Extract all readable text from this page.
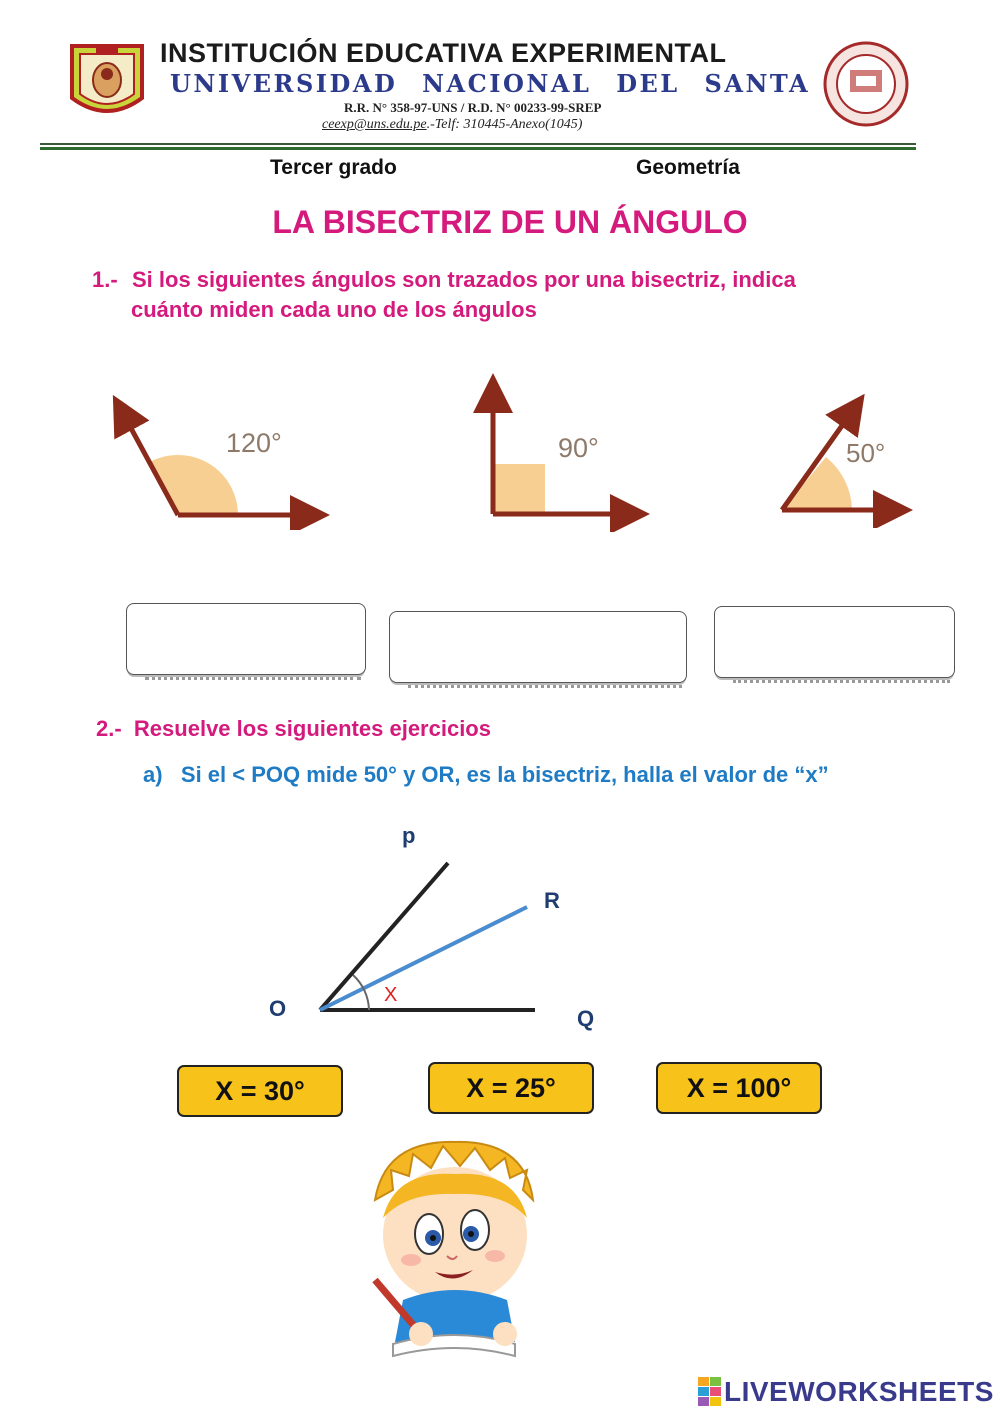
INSTITUCIÓN EDUCATIVA EXPERIMENTAL
UNIVERSIDAD NACIONAL DEL SANTA
R.R. N° 358-97-UNS / R.D. N° 00233-99-SREP
ceexp@uns.edu.pe.-Telf: 310445-Anexo(1045)
Tercer grado	Geometría
LA BISECTRIZ DE UN ÁNGULO
1.- Si los siguientes ángulos son trazados por una bisectriz, indica
cuánto miden cada uno de los ángulos
120°	90°	50°
2.- Resuelve los siguientes ejercicios
a) Si el < POQ mide 50° y OR, es la bisectriz, halla el valor de “x”
p
R
O	Q
X
X = 30°	X = 25°	X = 100°
LIVEWORKSHEETS
